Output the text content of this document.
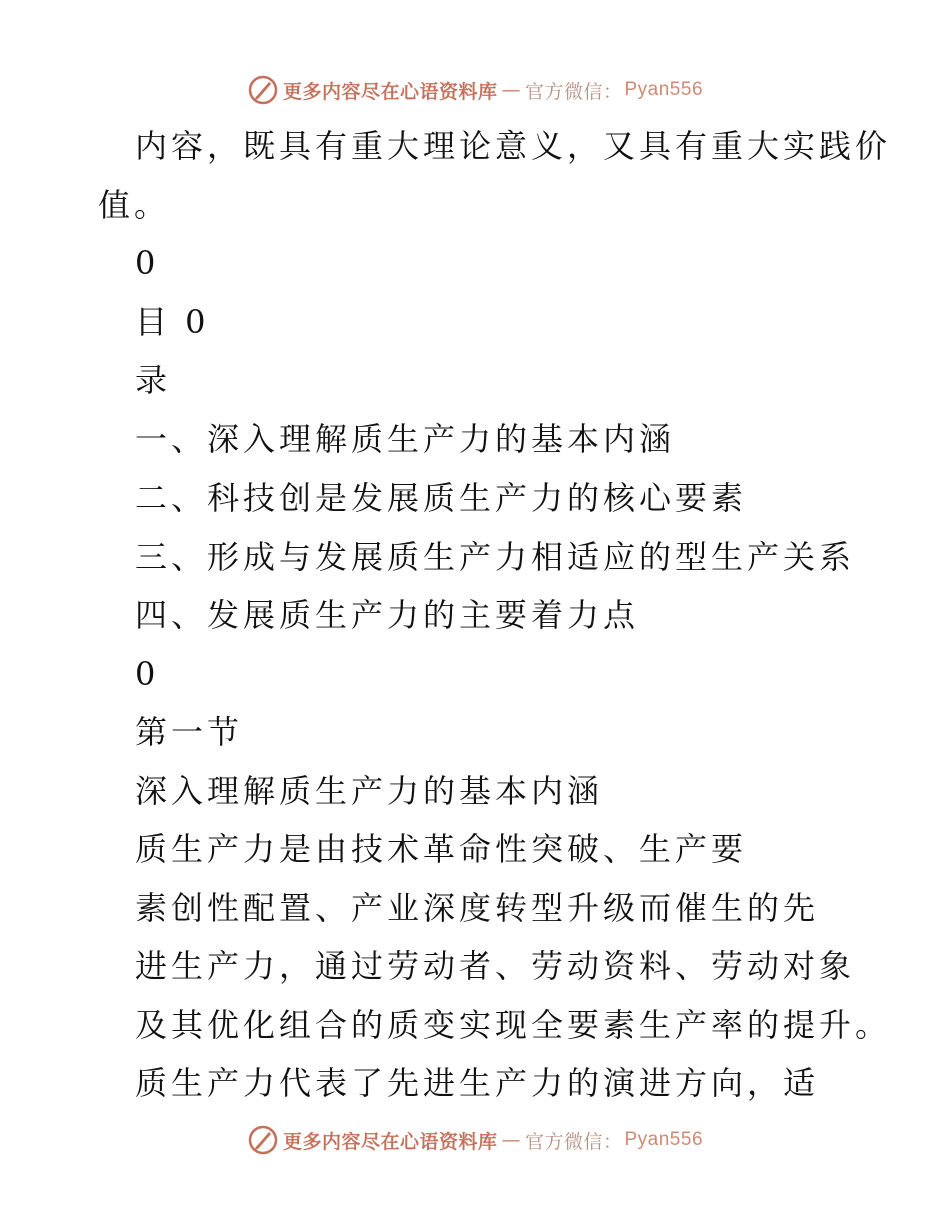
更多内容尽在心语资料库 — 官方微信： Pyan556
内容，既具有重大理论意义，又具有重大实践价
值。
0
目 0
录
一、深入理解质生产力的基本内涵
二、科技创是发展质生产力的核心要素
三、形成与发展质生产力相适应的型生产关系
四、发展质生产力的主要着力点
0
第一节
深入理解质生产力的基本内涵
质生产力是由技术革命性突破、生产要
素创性配置、产业深度转型升级而催生的先
进生产力，通过劳动者、劳动资料、劳动对象
及其优化组合的质变实现全要素生产率的提升。
质生产力代表了先进生产力的演进方向，适
更多内容尽在心语资料库 — 官方微信： Pyan556
